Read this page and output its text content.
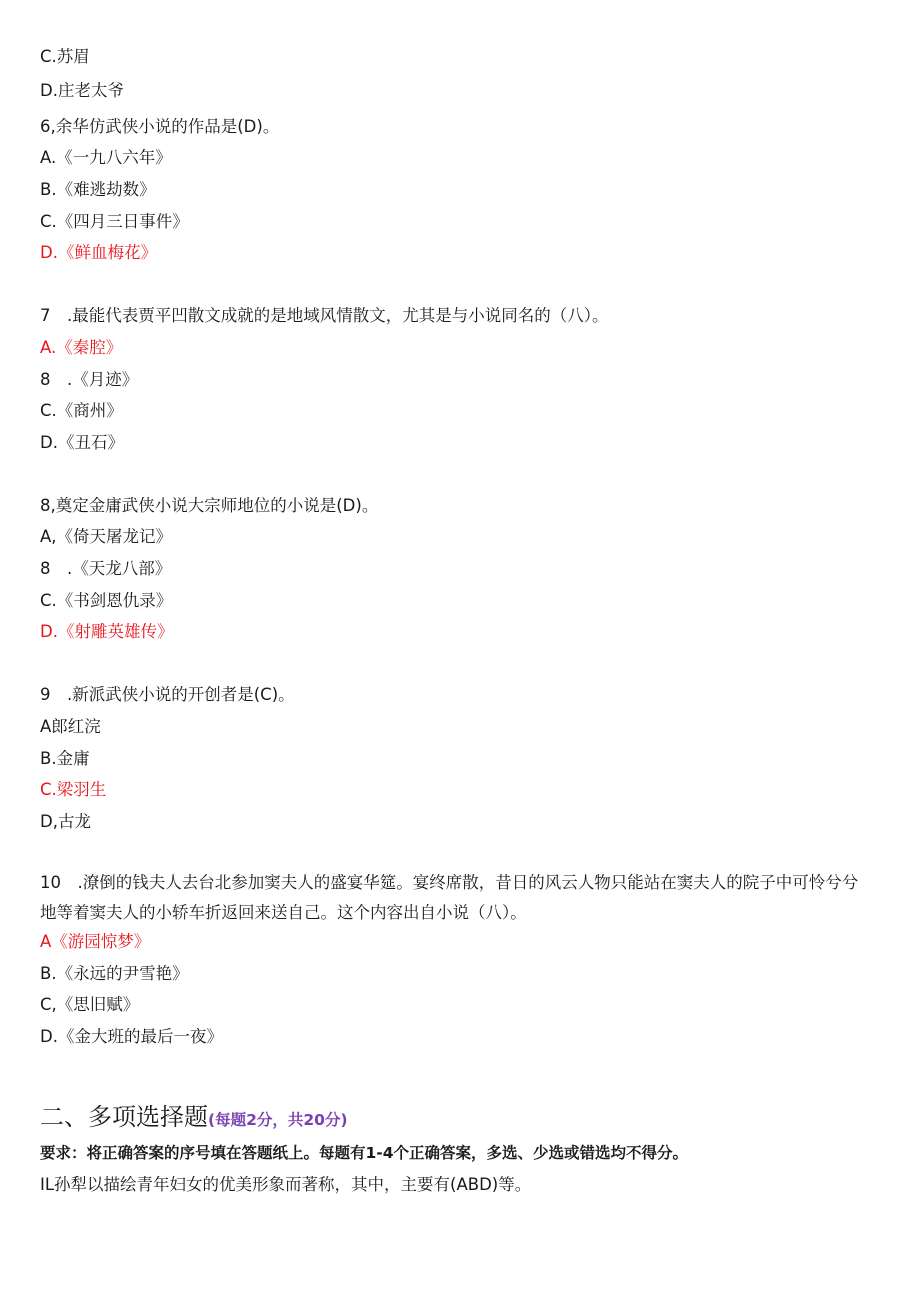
C.苏眉

D.庄老太爷

6,余华仿武侠小说的作品是(D)。

A.《一九八六年》

B.《难逃劫数》

C.《四月三日事件》

D.《鲜血梅花》

7　.最能代表贾平凹散文成就的是地域风情散文，尤其是与小说同名的（八）。

A.《秦腔》

8　.《月迹》

C.《商州》

D.《丑石》

8,奠定金庸武侠小说大宗师地位的小说是(D)。

A,《倚天屠龙记》

8　.《天龙八部》

C.《书剑恩仇录》

D.《射雕英雄传》

9　.新派武侠小说的开创者是(C)。

A郎红浣

B.金庸

C.梁羽生

D,古龙

10　.潦倒的钱夫人去台北参加窦夫人的盛宴华筵。宴终席散，昔日的风云人物只能站在窦夫人的院子中可怜兮兮地等着窦夫人的小轿车折返回来送自己。这个内容出自小说（八）。

A《游园惊梦》

B.《永远的尹雪艳》

C,《思旧赋》

D.《金大班的最后一夜》

二、多项选择题(每题2分，共20分)

要求：将正确答案的序号填在答题纸上。每题有1-4个正确答案，多选、少选或错选均不得分。

IL孙犁以描绘青年妇女的优美形象而著称，其中，主要有(ABD)等。
